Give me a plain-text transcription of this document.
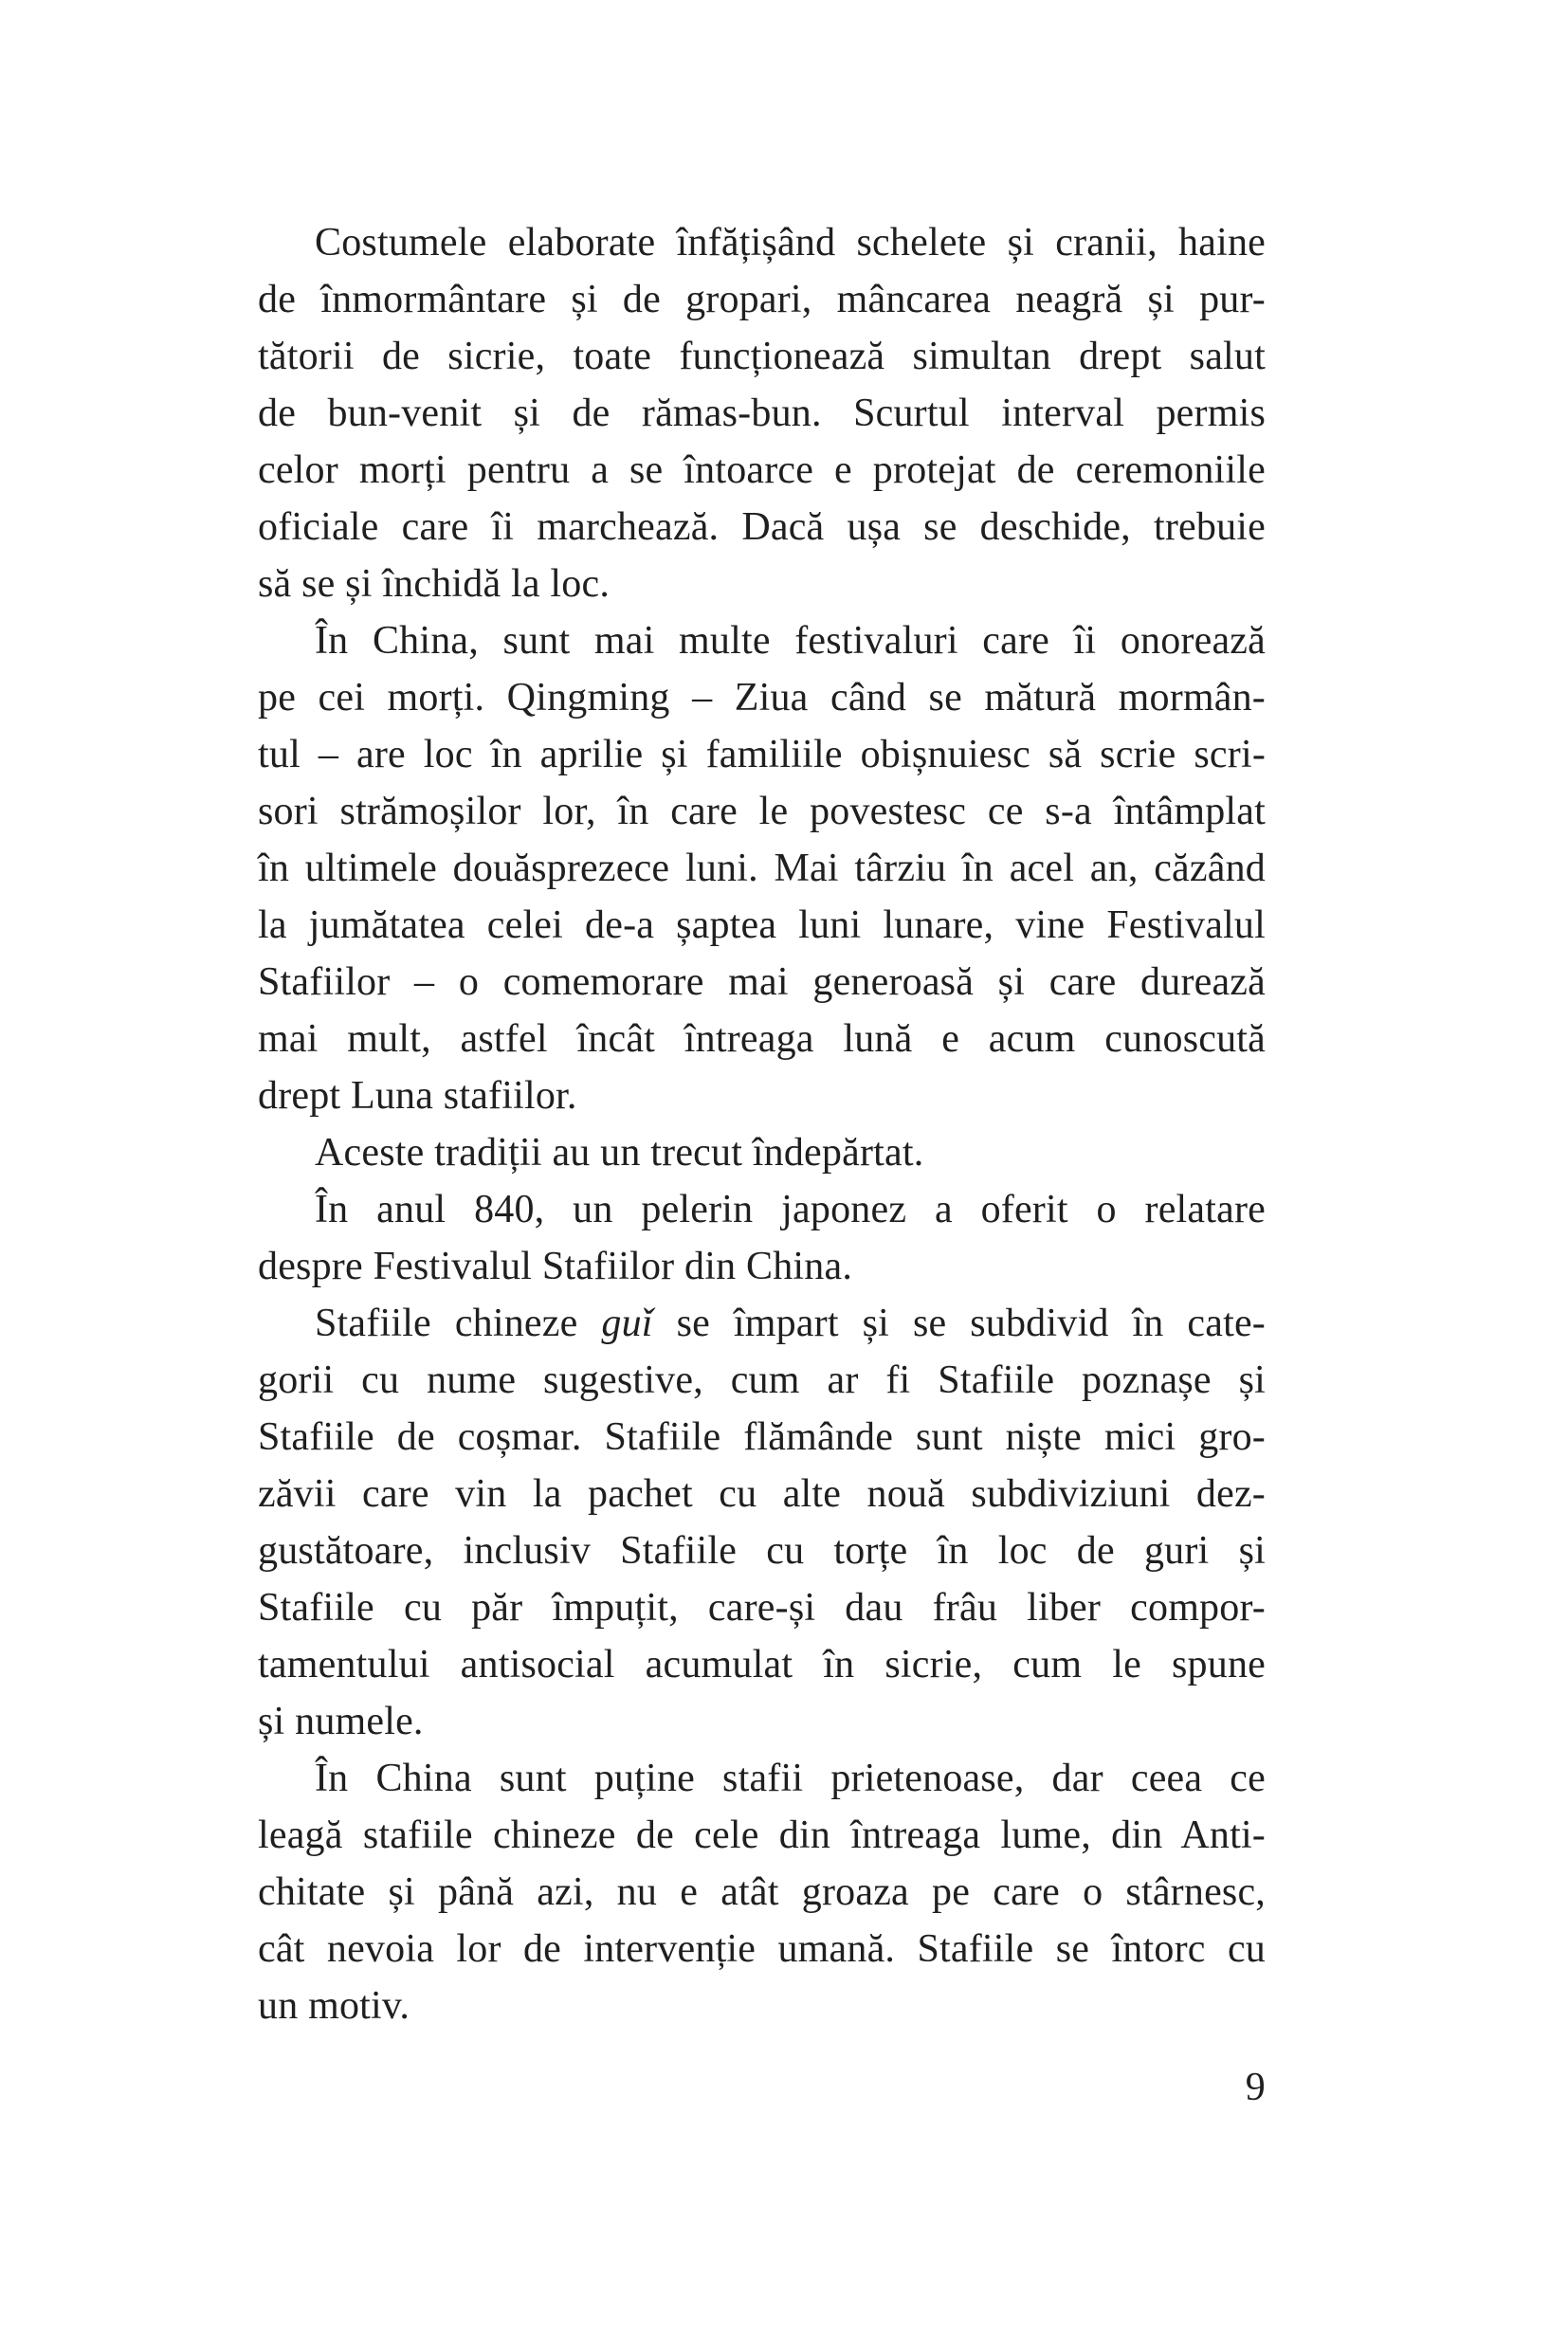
Costumele elaborate înfățișând schelete și cranii, haine
de înmormântare și de gropari, mâncarea neagră și pur-
tătorii de sicrie, toate funcționează simultan drept salut
de bun-venit și de rămas-bun. Scurtul interval permis
celor morți pentru a se întoarce e protejat de ceremoniile
oficiale care îi marchează. Dacă ușa se deschide, trebuie
să se și închidă la loc.
În China, sunt mai multe festivaluri care îi onorează
pe cei morți. Qingming – Ziua când se mătură mormân-
tul – are loc în aprilie și familiile obișnuiesc să scrie scri-
sori strămoșilor lor, în care le povestesc ce s-a întâmplat
în ultimele douăsprezece luni. Mai târziu în acel an, căzând
la jumătatea celei de-a șaptea luni lunare, vine Festivalul
Stafiilor – o comemorare mai generoasă și care durează
mai mult, astfel încât întreaga lună e acum cunoscută
drept Luna stafiilor.
Aceste tradiții au un trecut îndepărtat.
În anul 840, un pelerin japonez a oferit o relatare
despre Festivalul Stafiilor din China.
Stafiile chineze guǐ se împart și se subdivid în cate-
gorii cu nume sugestive, cum ar fi Stafiile poznașe și
Stafiile de coșmar. Stafiile flămânde sunt niște mici gro-
zăvii care vin la pachet cu alte nouă subdiviziuni dez-
gustătoare, inclusiv Stafiile cu torțe în loc de guri și
Stafiile cu păr împuțit, care-și dau frâu liber compor-
tamentului antisocial acumulat în sicrie, cum le spune
și numele.
În China sunt puține stafii prietenoase, dar ceea ce
leagă stafiile chineze de cele din întreaga lume, din Anti-
chitate și până azi, nu e atât groaza pe care o stârnesc,
cât nevoia lor de intervenție umană. Stafiile se întorc cu
un motiv.
9
